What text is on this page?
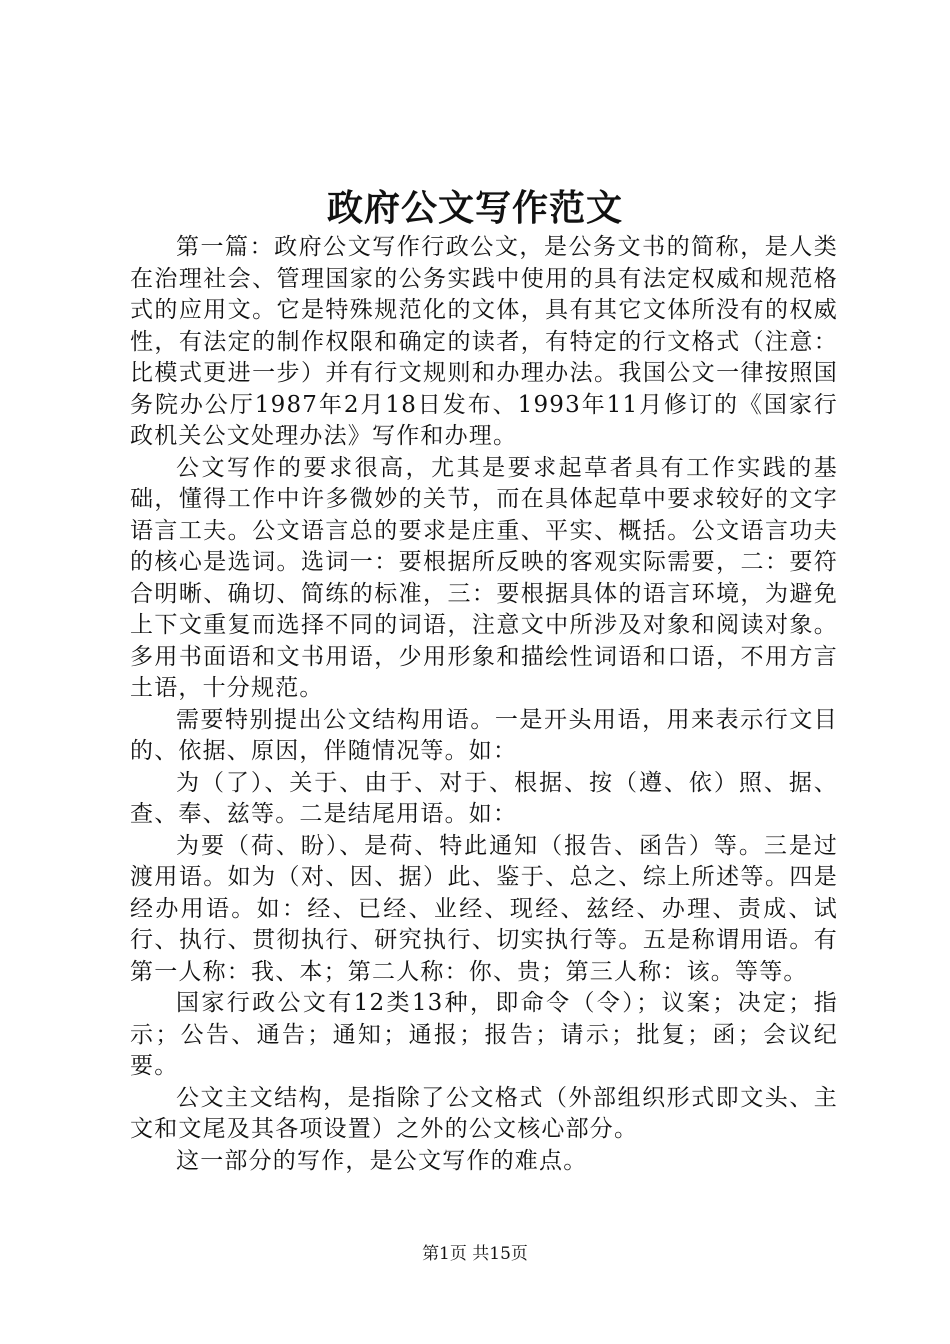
政府公文写作范文

第一篇：政府公文写作行政公文，是公务文书的简称，是人类在治理社会、管理国家的公务实践中使用的具有法定权威和规范格式的应用文。它是特殊规范化的文体，具有其它文体所没有的权威性，有法定的制作权限和确定的读者，有特定的行文格式（注意：比模式更进一步）并有行文规则和办理办法。我国公文一律按照国务院办公厅1987年2月18日发布、1993年11月修订的《国家行政机关公文处理办法》写作和办理。

公文写作的要求很高，尤其是要求起草者具有工作实践的基础，懂得工作中许多微妙的关节，而在具体起草中要求较好的文字语言工夫。公文语言总的要求是庄重、平实、概括。公文语言功夫的核心是选词。选词一：要根据所反映的客观实际需要，二：要符合明晰、确切、简练的标准，三：要根据具体的语言环境，为避免上下文重复而选择不同的词语，注意文中所涉及对象和阅读对象。多用书面语和文书用语，少用形象和描绘性词语和口语，不用方言土语，十分规范。

需要特别提出公文结构用语。一是开头用语，用来表示行文目的、依据、原因，伴随情况等。如：

为（了）、关于、由于、对于、根据、按（遵、依）照、据、查、奉、兹等。二是结尾用语。如：

为要（荷、盼）、是荷、特此通知（报告、函告）等。三是过渡用语。如为（对、因、据）此、鉴于、总之、综上所述等。四是经办用语。如：经、已经、业经、现经、兹经、办理、责成、试行、执行、贯彻执行、研究执行、切实执行等。五是称谓用语。有第一人称：我、本；第二人称：你、贵；第三人称：该。等等。

国家行政公文有12类13种，即命令（令）；议案；决定；指示；公告、通告；通知；通报；报告；请示；批复；函；会议纪要。

公文主文结构，是指除了公文格式（外部组织形式即文头、主文和文尾及其各项设置）之外的公文核心部分。

这一部分的写作，是公文写作的难点。

第1页 共15页
